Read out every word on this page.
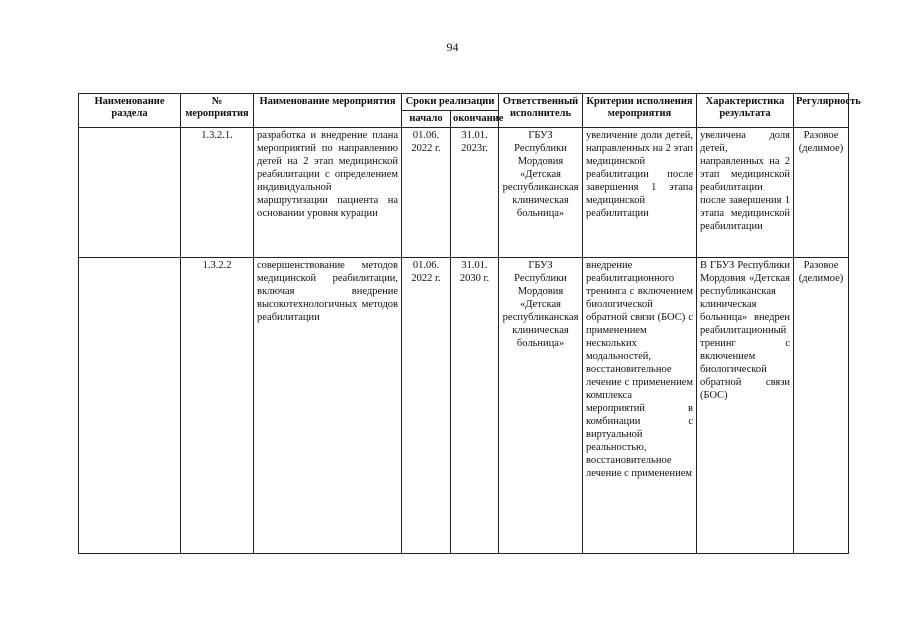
94
Наименование раздела	№ мероприятия	Наименование мероприятия	Сроки реализации		Ответственный исполнитель	Критерии исполнения мероприятия	Характеристика результата	Регулярность
			начало	окончание				
	1.3.2.1.	разработка и внедрение плана мероприятий по направлению детей на 2 этап медицинской реабилитации с определением индивидуальной маршрутизации пациента на основании уровня курации	01.06. 2022 г.	31.01. 2023г.	ГБУЗ Республики Мордовия «Детская республиканская клиническая больница»	увеличение доли детей, направленных на 2 этап медицинской реабилитации после завершения 1 этапа медицинской реабилитации	увеличена доля детей, направленных на 2 этап медицинской реабилитации после завершения 1 этапа медицинской реабилитации	Разовое (делимое)
	1.3.2.2	совершенствование методов медицинской реабилитации, включая внедрение высокотехнологичных методов реабилитации	01.06. 2022 г.	31.01. 2030 г.	ГБУЗ Республики Мордовия «Детская республиканская клиническая больница»	внедрение реабилитационного тренинга с включением биологической обратной связи (БОС) с применением нескольких модальностей, восстановительное лечение с применением комплекса мероприятий в комбинации с виртуальной реальностью, восстановительное лечение с применением	В ГБУЗ Республики Мордовия «Детская республиканская клиническая больница» внедрен реабилитационный тренинг с включением биологической обратной связи (БОС)	Разовое (делимое)
